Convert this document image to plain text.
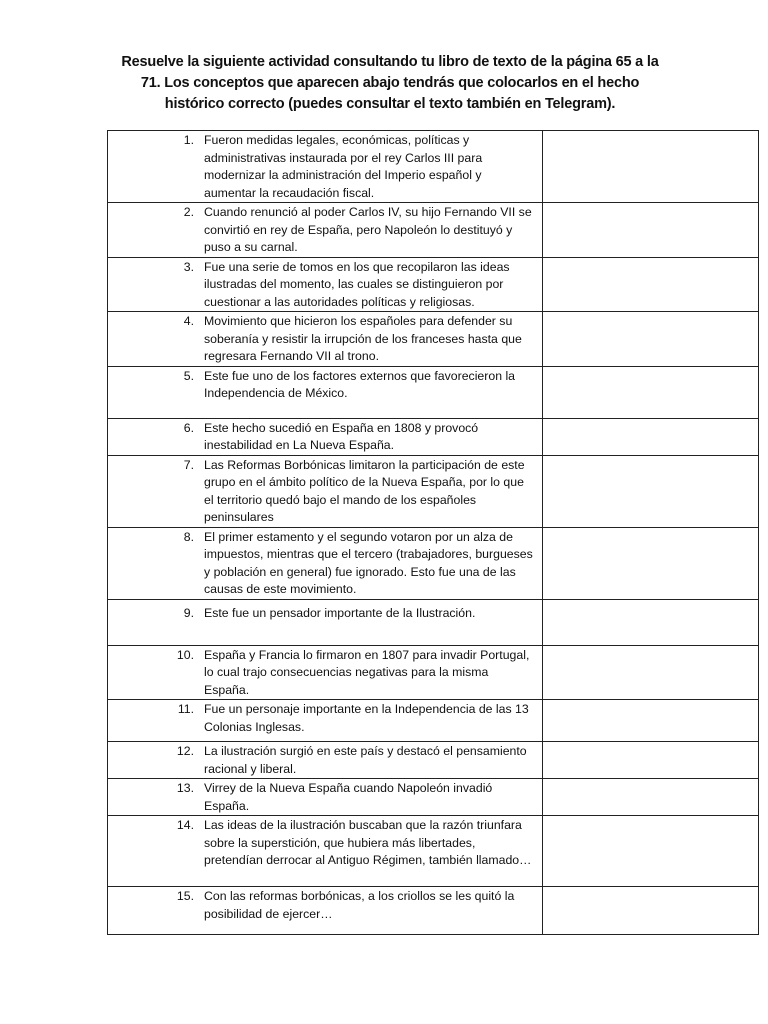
Resuelve la siguiente actividad consultando tu libro de texto de la página 65 a la 71. Los conceptos que aparecen abajo tendrás que colocarlos en el hecho histórico correcto (puedes consultar el texto también en Telegram).
1. Fueron medidas legales, económicas, políticas y administrativas instaurada por el rey Carlos III para modernizar la administración del Imperio español y aumentar la recaudación fiscal.	

2. Cuando renunció al poder Carlos IV, su hijo Fernando VII se convirtió en rey de España, pero Napoleón lo destituyó y puso a su carnal.	

3. Fue una serie de tomos en los que recopilaron las ideas ilustradas del momento, las cuales se distinguieron por cuestionar a las autoridades políticas y religiosas.	

4. Movimiento que hicieron los españoles para defender su soberanía y resistir la irrupción de los franceses hasta que regresara Fernando VII al trono.	

5. Este fue uno de los factores externos que favorecieron la Independencia de México.	

6. Este hecho sucedió en España en 1808 y provocó inestabilidad en La Nueva España.	

7. Las Reformas Borbónicas limitaron la participación de este grupo en el ámbito político de la Nueva España, por lo que el territorio quedó bajo el mando de los españoles peninsulares	

8. El primer estamento y el segundo votaron por un alza de impuestos, mientras que el tercero (trabajadores, burgueses y población en general) fue ignorado. Esto fue una de las causas de este movimiento.	

9. Este fue un pensador importante de la Ilustración.	

10. España y Francia lo firmaron en 1807 para invadir Portugal, lo cual trajo consecuencias negativas para la misma España.	

11. Fue un personaje importante en la Independencia de las 13 Colonias Inglesas.	

12. La ilustración surgió en este país y destacó el pensamiento racional y liberal.	

13. Virrey de la Nueva España cuando Napoleón invadió España.	

14. Las ideas de la ilustración buscaban que la razón triunfara sobre la superstición, que hubiera más libertades, pretendían derrocar al Antiguo Régimen, también llamado…	

15. Con las reformas borbónicas, a los criollos se les quitó la posibilidad de ejercer…	
